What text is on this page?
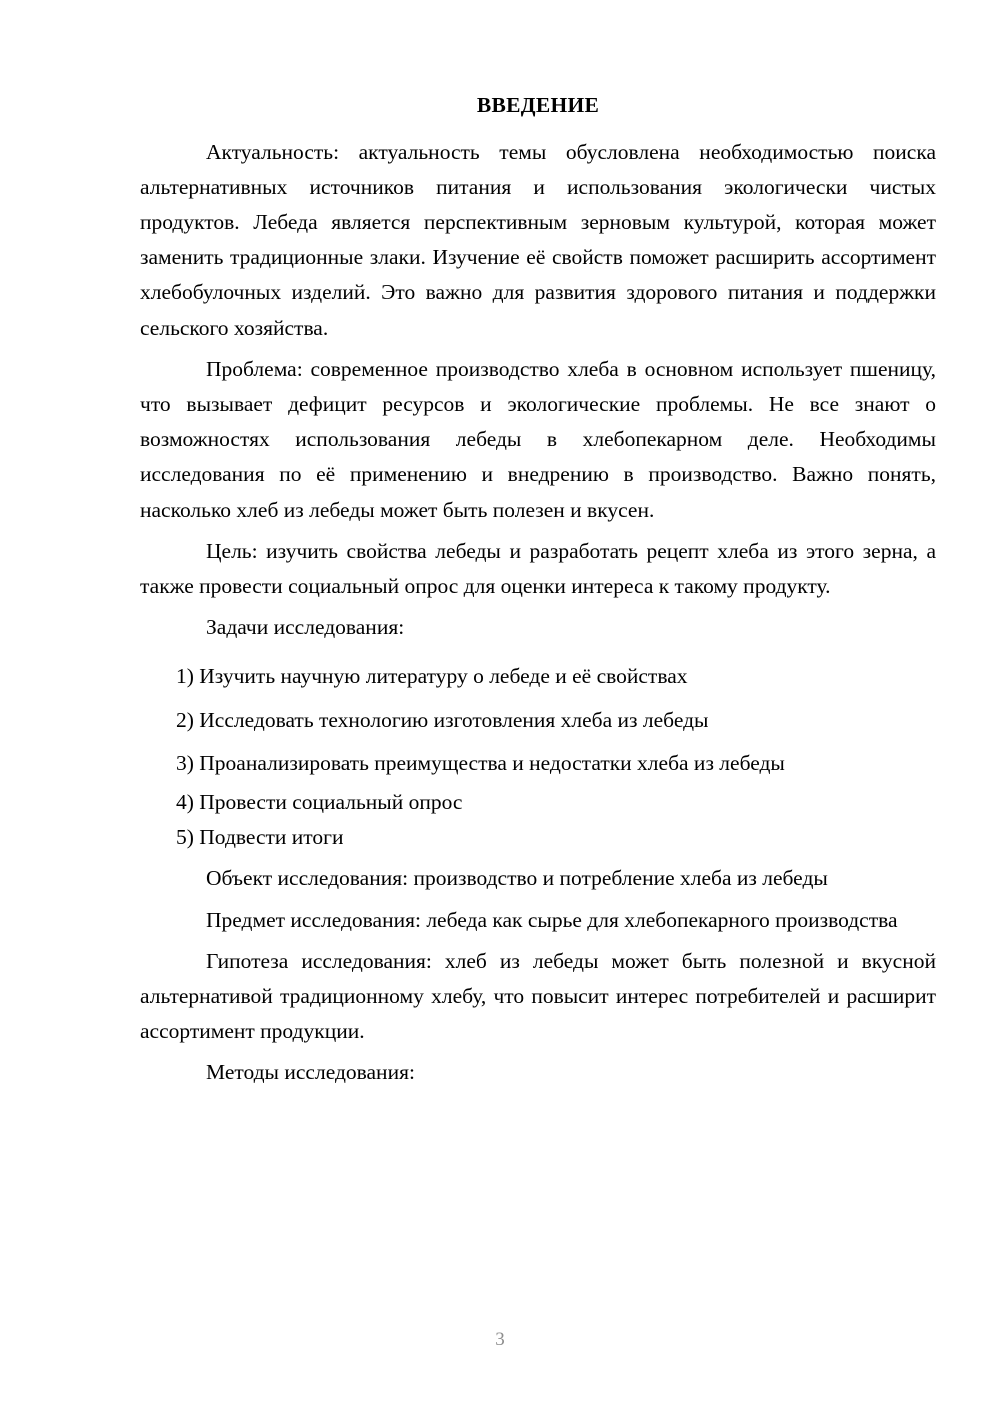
ВВЕДЕНИЕ

Актуальность: актуальность темы обусловлена необходимостью поиска альтернативных источников питания и использования экологически чистых продуктов. Лебеда является перспективным зерновым культурой, которая может заменить традиционные злаки. Изучение её свойств поможет расширить ассортимент хлебобулочных изделий. Это важно для развития здорового питания и поддержки сельского хозяйства.

Проблема: современное производство хлеба в основном использует пшеницу, что вызывает дефицит ресурсов и экологические проблемы. Не все знают о возможностях использования лебеды в хлебопекарном деле. Необходимы исследования по её применению и внедрению в производство. Важно понять, насколько хлеб из лебеды может быть полезен и вкусен.

Цель: изучить свойства лебеды и разработать рецепт хлеба из этого зерна, а также провести социальный опрос для оценки интереса к такому продукту.

Задачи исследования:

1) Изучить научную литературу о лебеде и её свойствах
2) Исследовать технологию изготовления хлеба из лебеды
3) Проанализировать преимущества и недостатки хлеба из лебеды
4) Провести социальный опрос
5) Подвести итоги

Объект исследования: производство и потребление хлеба из лебеды

Предмет исследования: лебеда как сырье для хлебопекарного производства

Гипотеза исследования: хлеб из лебеды может быть полезной и вкусной альтернативой традиционному хлебу, что повысит интерес потребителей и расширит ассортимент продукции.

Методы исследования:

3
